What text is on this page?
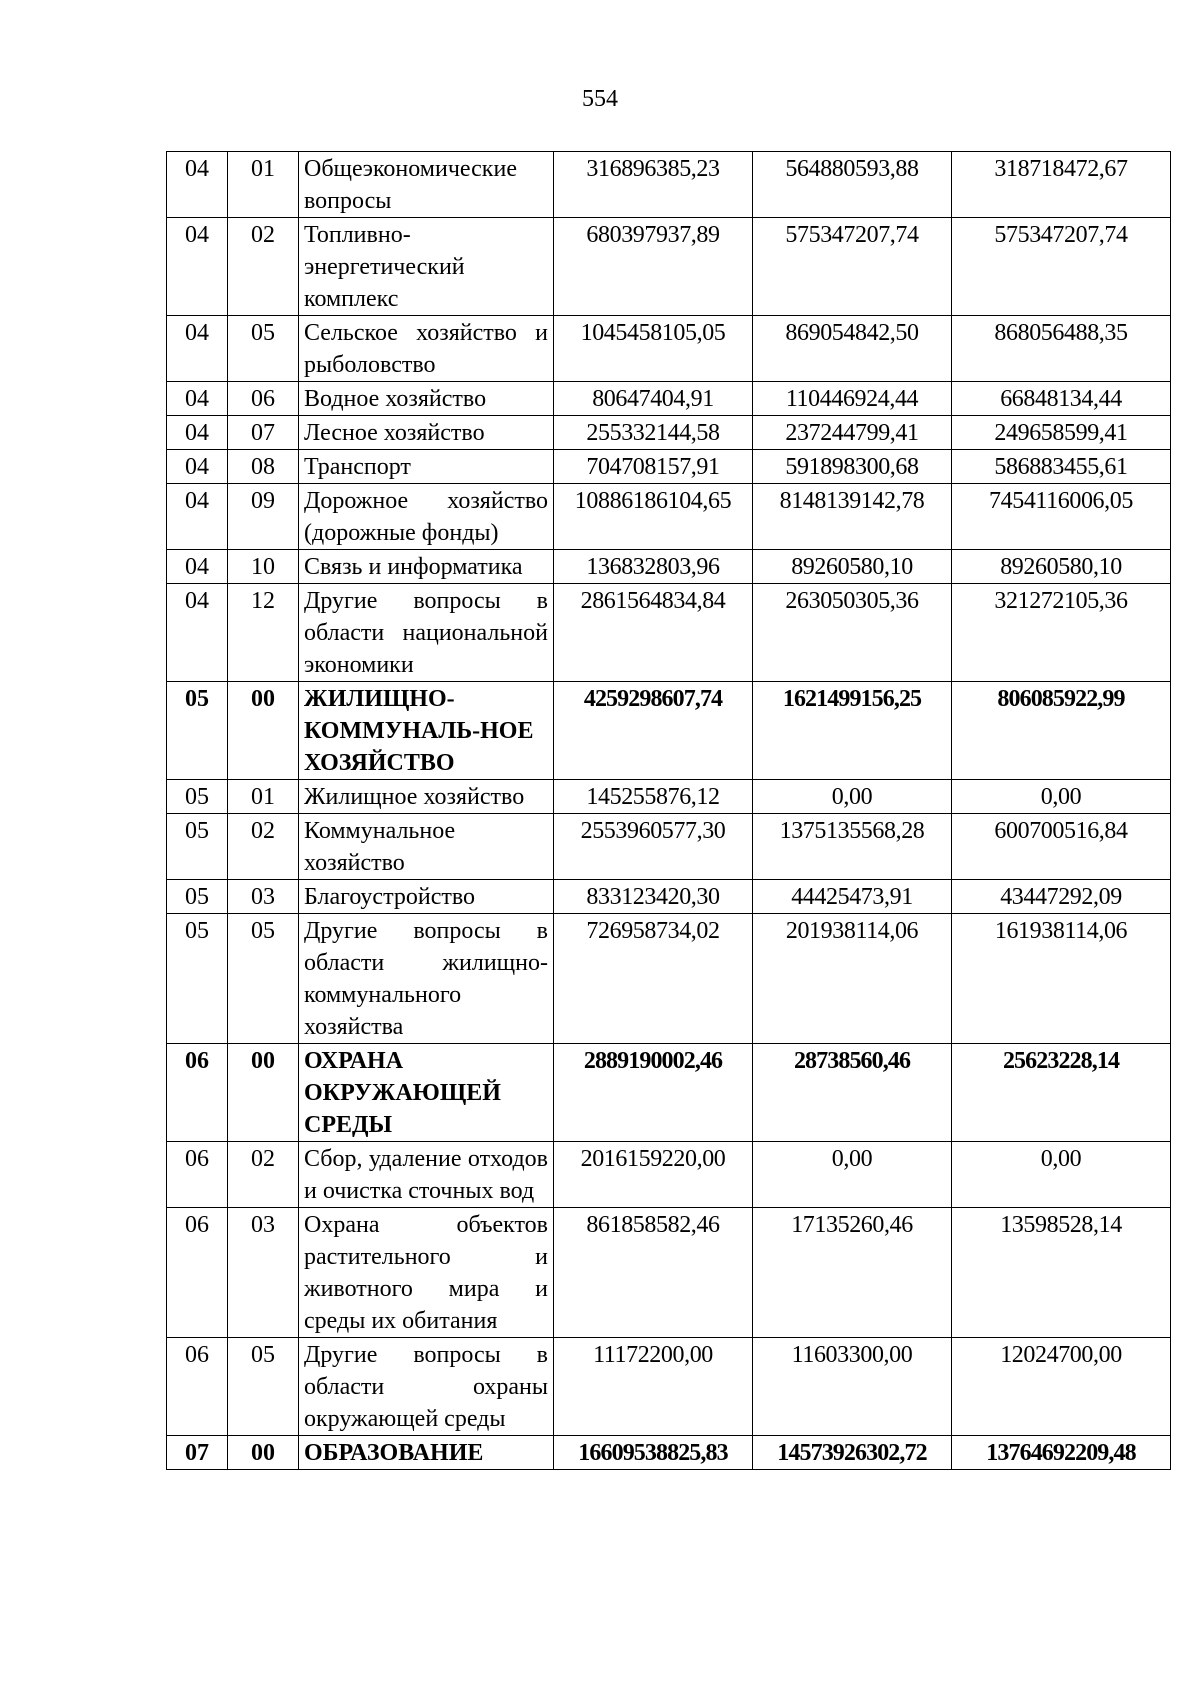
554
04	01	Общеэкономические вопросы	316896385,23	564880593,88	318718472,67
04	02	Топливно-энергетический комплекс	680397937,89	575347207,74	575347207,74
04	05	Сельское хозяйство и рыболовство	1045458105,05	869054842,50	868056488,35
04	06	Водное хозяйство	80647404,91	110446924,44	66848134,44
04	07	Лесное хозяйство	255332144,58	237244799,41	249658599,41
04	08	Транспорт	704708157,91	591898300,68	586883455,61
04	09	Дорожное хозяйство (дорожные фонды)	10886186104,65	8148139142,78	7454116006,05
04	10	Связь и информатика	136832803,96	89260580,10	89260580,10
04	12	Другие вопросы в области национальной экономики	2861564834,84	263050305,36	321272105,36
05	00	ЖИЛИЩНО-КОММУНАЛЬ-НОЕ ХОЗЯЙСТВО	4259298607,74	1621499156,25	806085922,99
05	01	Жилищное хозяйство	145255876,12	0,00	0,00
05	02	Коммунальное хозяйство	2553960577,30	1375135568,28	600700516,84
05	03	Благоустройство	833123420,30	44425473,91	43447292,09
05	05	Другие вопросы в области жилищно-коммунального хозяйства	726958734,02	201938114,06	161938114,06
06	00	ОХРАНА ОКРУЖАЮЩЕЙ СРЕДЫ	2889190002,46	28738560,46	25623228,14
06	02	Сбор, удаление отходов и очистка сточных вод	2016159220,00	0,00	0,00
06	03	Охрана объектов растительного и животного мира и среды их обитания	861858582,46	17135260,46	13598528,14
06	05	Другие вопросы в области охраны окружающей среды	11172200,00	11603300,00	12024700,00
07	00	ОБРАЗОВАНИЕ	16609538825,83	14573926302,72	13764692209,48
